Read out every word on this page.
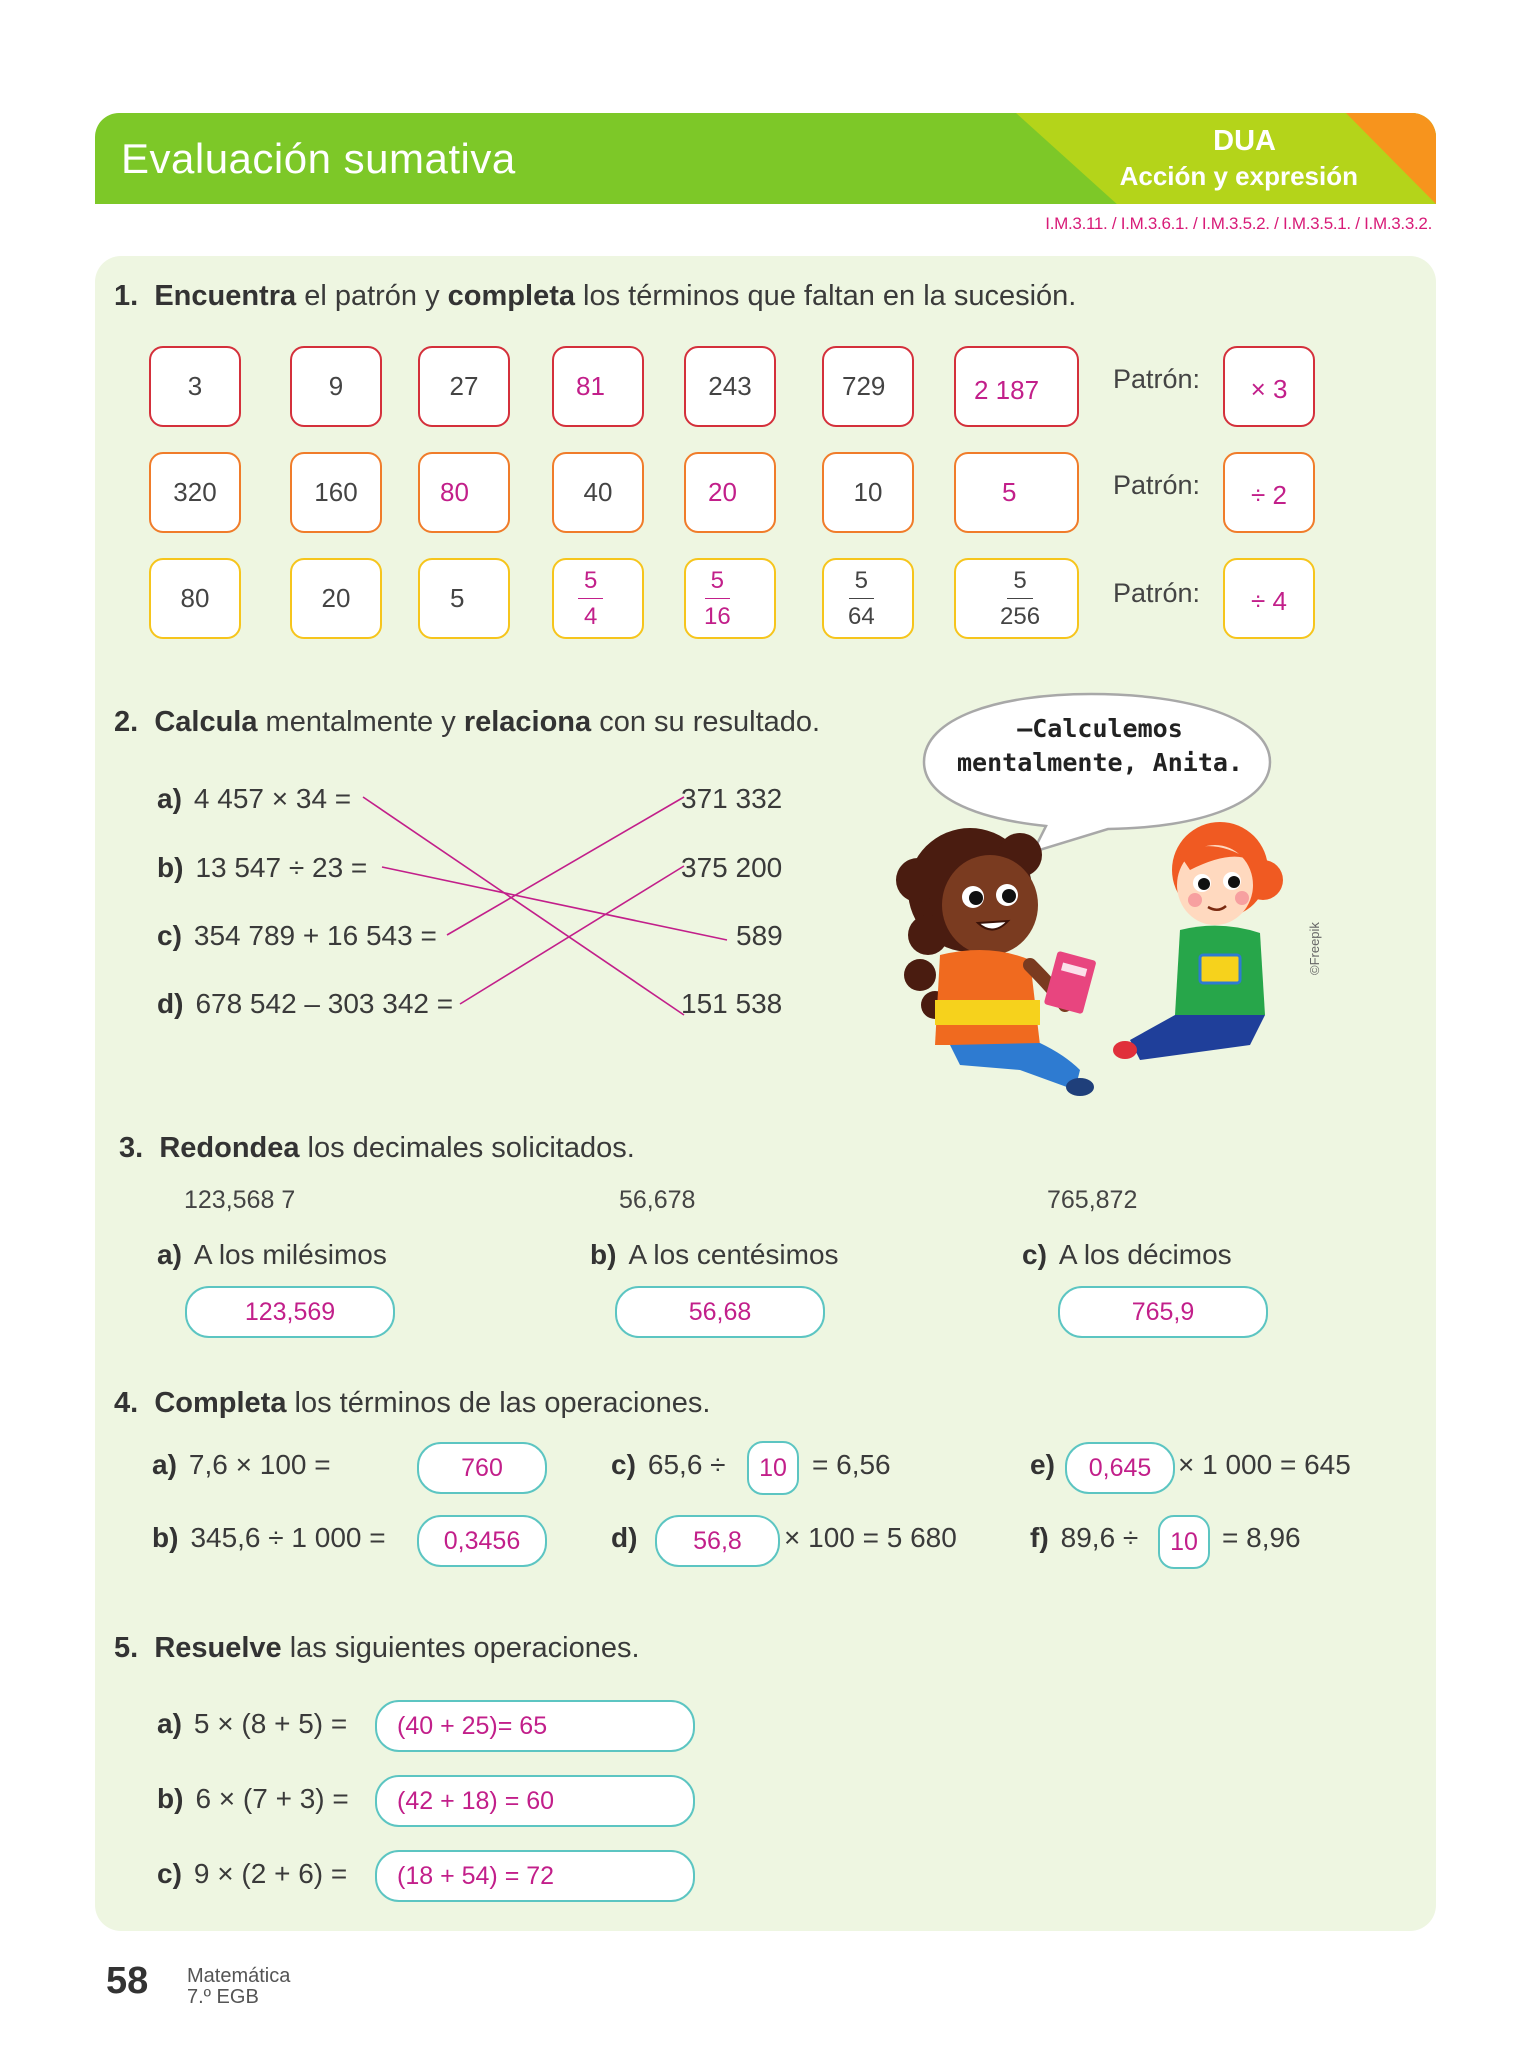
Evaluación sumativa	DUA
Acción y expresión
I.M.3.11. / I.M.3.6.1. / I.M.3.5.2. / I.M.3.5.1. / I.M.3.3.2.
1. Encuentra el patrón y completa los términos que faltan en la sucesión.
3	9	27	81	243	729	2 187	Patrón:	× 3
320	160	80	40	20	10	5	Patrón:	÷ 2
80	20	5	$\frac{5}{4}$	$\frac{5}{16}$	$\frac{5}{64}$	$\frac{5}{256}$	Patrón:	÷ 4
2. Calcula mentalmente y relaciona con su resultado.
a) 4 457 × 34 =
b) 13 547 ÷ 23 =
c) 354 789 + 16 543 =
d) 678 542 – 303 342 =
371 332
375 200
589
151 538
—Calculemos
mentalmente, Anita.
©Freepik
3. Redondea los decimales solicitados.
123,568 7	56,678	765,872
a) A los milésimos	b) A los centésimos	c) A los décimos
123,569	56,68	765,9
4. Completa los términos de las operaciones.
a) 7,6 × 100 =	760
b) 345,6 ÷ 1 000 =	0,3456
c) 65,6 ÷	10 = 6,56
d)	56,8	× 100 = 5 680
e)	0,645 × 1 000 = 645
f) 89,6 ÷	10 = 8,96
5. Resuelve las siguientes operaciones.
a) 5 × (8 + 5) =	(40 + 25)= 65
b) 6 × (7 + 3) =	(42 + 18) = 60
c) 9 × (2 + 6) =	(18 + 54) = 72
58 Matemática
7.º EGB
